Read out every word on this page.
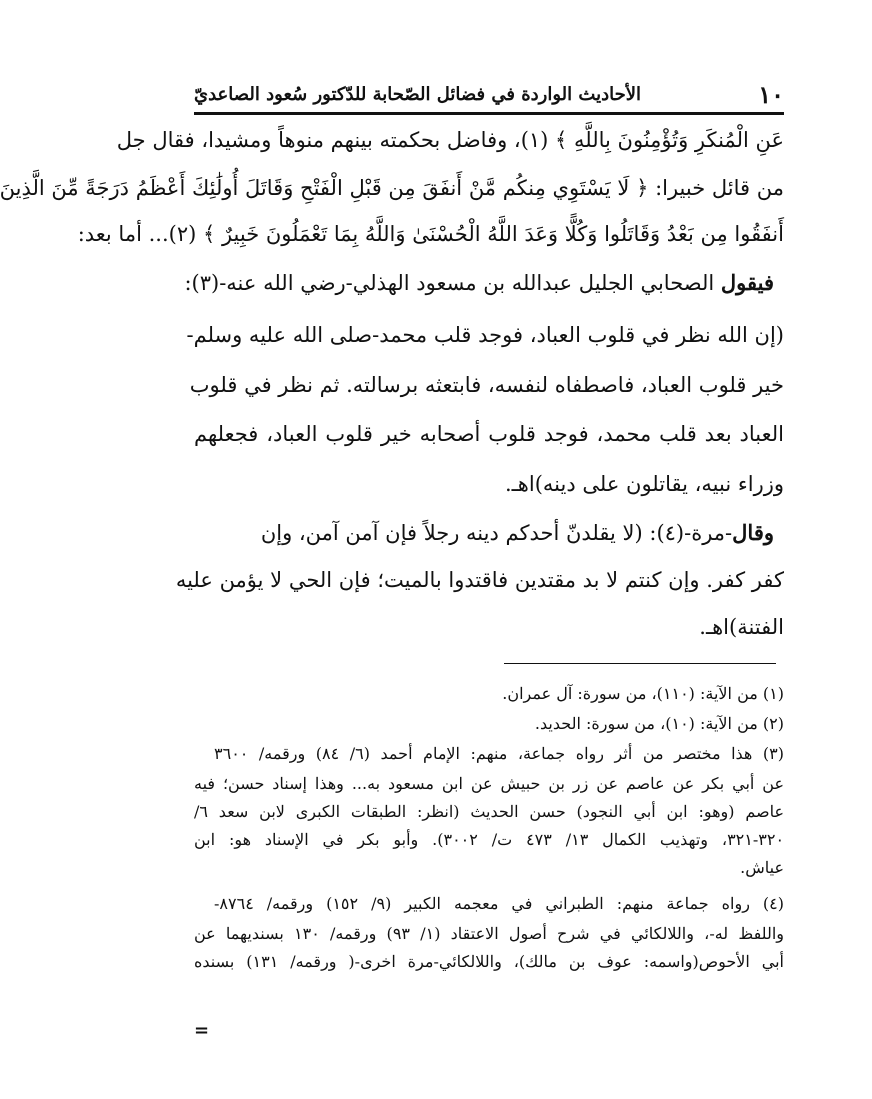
١٠
الأحاديث الواردة في فضائل الصّحابة للدّكتور سُعود الصاعديّ
عَنِ الْمُنكَرِ وَتُؤْمِنُونَ بِاللَّهِ ﴾ (١)، وفاضل بحكمته بينهم منوهاً ومشيدا، فقال جل
من قائل خبيرا: ﴿ لَا يَسْتَوِي مِنكُم مَّنْ أَنفَقَ مِن قَبْلِ الْفَتْحِ وَقَاتَلَ أُولَٰئِكَ أَعْظَمُ دَرَجَةً مِّنَ الَّذِينَ
أَنفَقُوا مِن بَعْدُ وَقَاتَلُوا وَكُلًّا وَعَدَ اللَّهُ الْحُسْنَىٰ وَاللَّهُ بِمَا تَعْمَلُونَ خَبِيرٌ ﴾ (٢)... أما بعد:
فيقول الصحابي الجليل عبدالله بن مسعود الهذلي-رضي الله عنه-(٣):
(إن الله نظر في قلوب العباد، فوجد قلب محمد-صلى الله عليه وسلم-
خير قلوب العباد، فاصطفاه لنفسه، فابتعثه برسالته. ثم نظر في قلوب
العباد بعد قلب محمد، فوجد قلوب أصحابه خير قلوب العباد، فجعلهم
وزراء نبيه، يقاتلون على دينه)اهـ.
وقال-مرة-(٤): (لا يقلدنّ أحدكم دينه رجلاً فإن آمن آمن، وإن
كفر كفر. وإن كنتم لا بد مقتدين فاقتدوا بالميت؛ فإن الحي لا يؤمن عليه
الفتنة)اهـ.
(١) من الآية: (١١٠)، من سورة: آل عمران.
(٢) من الآية: (١٠)، من سورة: الحديد.
(٣) هذا مختصر من أثر رواه جماعة، منهم: الإمام أحمد (٦/ ٨٤) ورقمه/ ٣٦٠٠
عن أبي بكر عن عاصم عن زر بن حبيش عن ابن مسعود به... وهذا إسناد حسن؛ فيه
عاصم (وهو: ابن أبي النجود) حسن الحديث (انظر: الطبقات الكبرى لابن سعد ٦/
٣٢٠-٣٢١، وتهذيب الكمال ١٣/ ٤٧٣ ت/ ٣٠٠٢). وأبو بكر في الإسناد هو: ابن
عياش.
(٤) رواه جماعة منهم: الطبراني في معجمه الكبير (٩/ ١٥٢) ورقمه/ ٨٧٦٤-
واللفظ له-، واللالكائي في شرح أصول الاعتقاد (١/ ٩٣) ورقمه/ ١٣٠ بسنديهما عن
أبي الأحوص(واسمه: عوف بن مالك)، واللالكائي-مرة اخرى-( ورقمه/ ١٣١) بسنده
=
